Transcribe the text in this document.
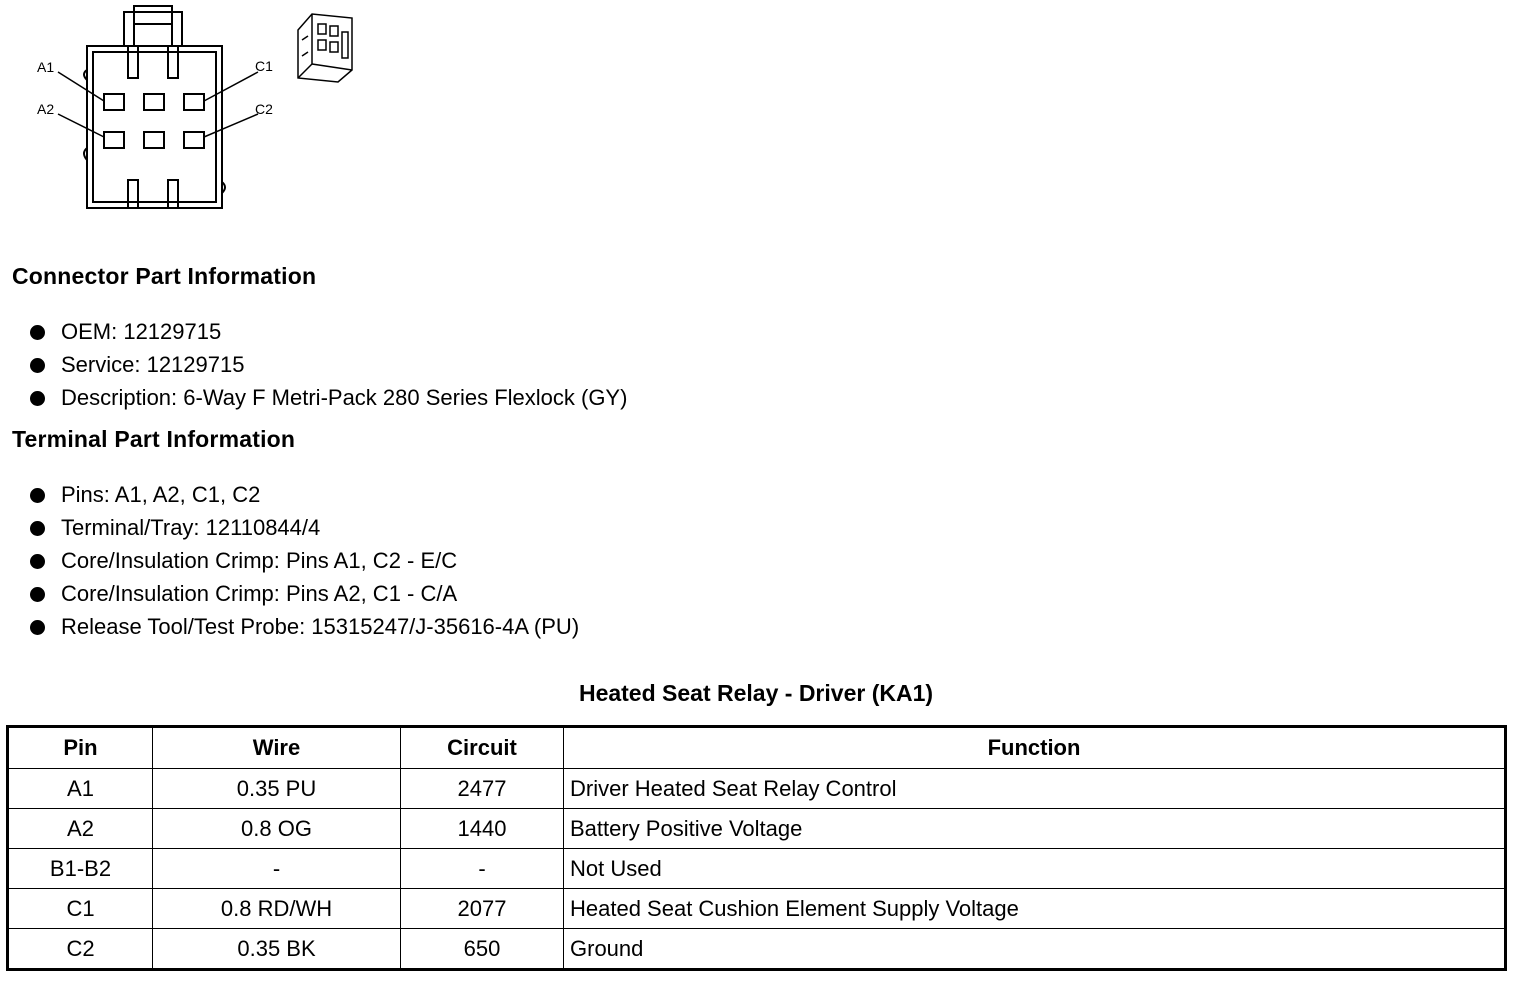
A1
A2
C1
C2
Connector Part Information
OEM: 12129715
Service: 12129715
Description: 6-Way F Metri-Pack 280 Series Flexlock (GY)
Terminal Part Information
Pins: A1, A2, C1, C2
Terminal/Tray: 12110844/4
Core/Insulation Crimp: Pins A1, C2 - E/C
Core/Insulation Crimp: Pins A2, C1 - C/A
Release Tool/Test Probe: 15315247/J-35616-4A (PU)
Heated Seat Relay - Driver (KA1)
Pin	Wire	Circuit	Function
A1	0.35 PU	2477	Driver Heated Seat Relay Control
A2	0.8 OG	1440	Battery Positive Voltage
B1-B2	-	-	Not Used
C1	0.8 RD/WH	2077	Heated Seat Cushion Element Supply Voltage
C2	0.35 BK	650	Ground
